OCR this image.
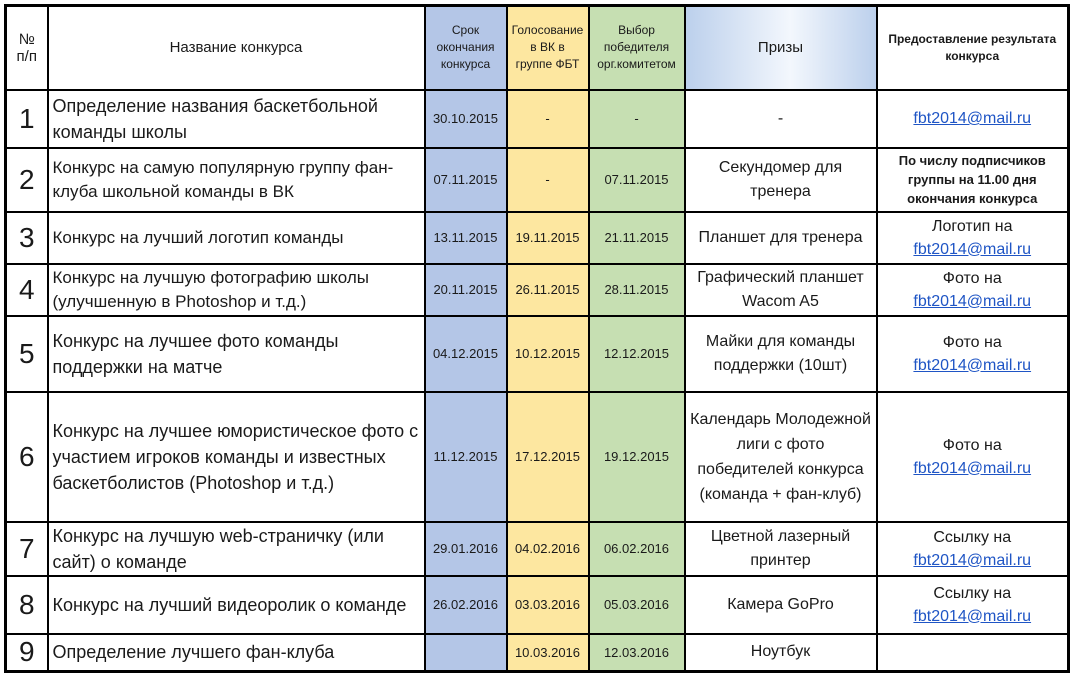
№ п/п	Название конкурса	Срок окончания конкурса	Голосование в ВК в группе ФБТ	Выбор победителя орг.комитетом	Призы	Предоставление результата конкурса
1	Определение названия баскетбольной команды школы	30.10.2015	-	-	-	fbt2014@mail.ru
2	Конкурс на самую популярную группу фан-клуба школьной команды в ВК	07.11.2015	-	07.11.2015	Секундомер для тренера	По числу подписчиков группы на 11.00 дня окончания конкурса
3	Конкурс на лучший логотип команды	13.11.2015	19.11.2015	21.11.2015	Планшет для тренера	Логотип на
fbt2014@mail.ru
4	Конкурс на лучшую фотографию школы (улучшенную в Photoshop и т.д.)	20.11.2015	26.11.2015	28.11.2015	Графический планшет Wacom A5	Фото на
fbt2014@mail.ru
5	Конкурс на лучшее фото команды поддержки на матче	04.12.2015	10.12.2015	12.12.2015	Майки для команды поддержки (10шт)	Фото на
fbt2014@mail.ru
6	Конкурс на лучшее юмористическое фото с участием игроков команды и известных баскетболистов (Photoshop и т.д.)	11.12.2015	17.12.2015	19.12.2015	Календарь Молодежной лиги с фото победителей конкурса (команда + фан-клуб)	Фото на
fbt2014@mail.ru
7	Конкурс на лучшую web-страничку (или сайт) о команде	29.01.2016	04.02.2016	06.02.2016	Цветной лазерный принтер	Ссылку на
fbt2014@mail.ru
8	Конкурс на лучший видеоролик о команде	26.02.2016	03.03.2016	05.03.2016	Камера GoPro	Ссылку на
fbt2014@mail.ru
9	Определение лучшего фан-клуба		10.03.2016	12.03.2016	Ноутбук	
